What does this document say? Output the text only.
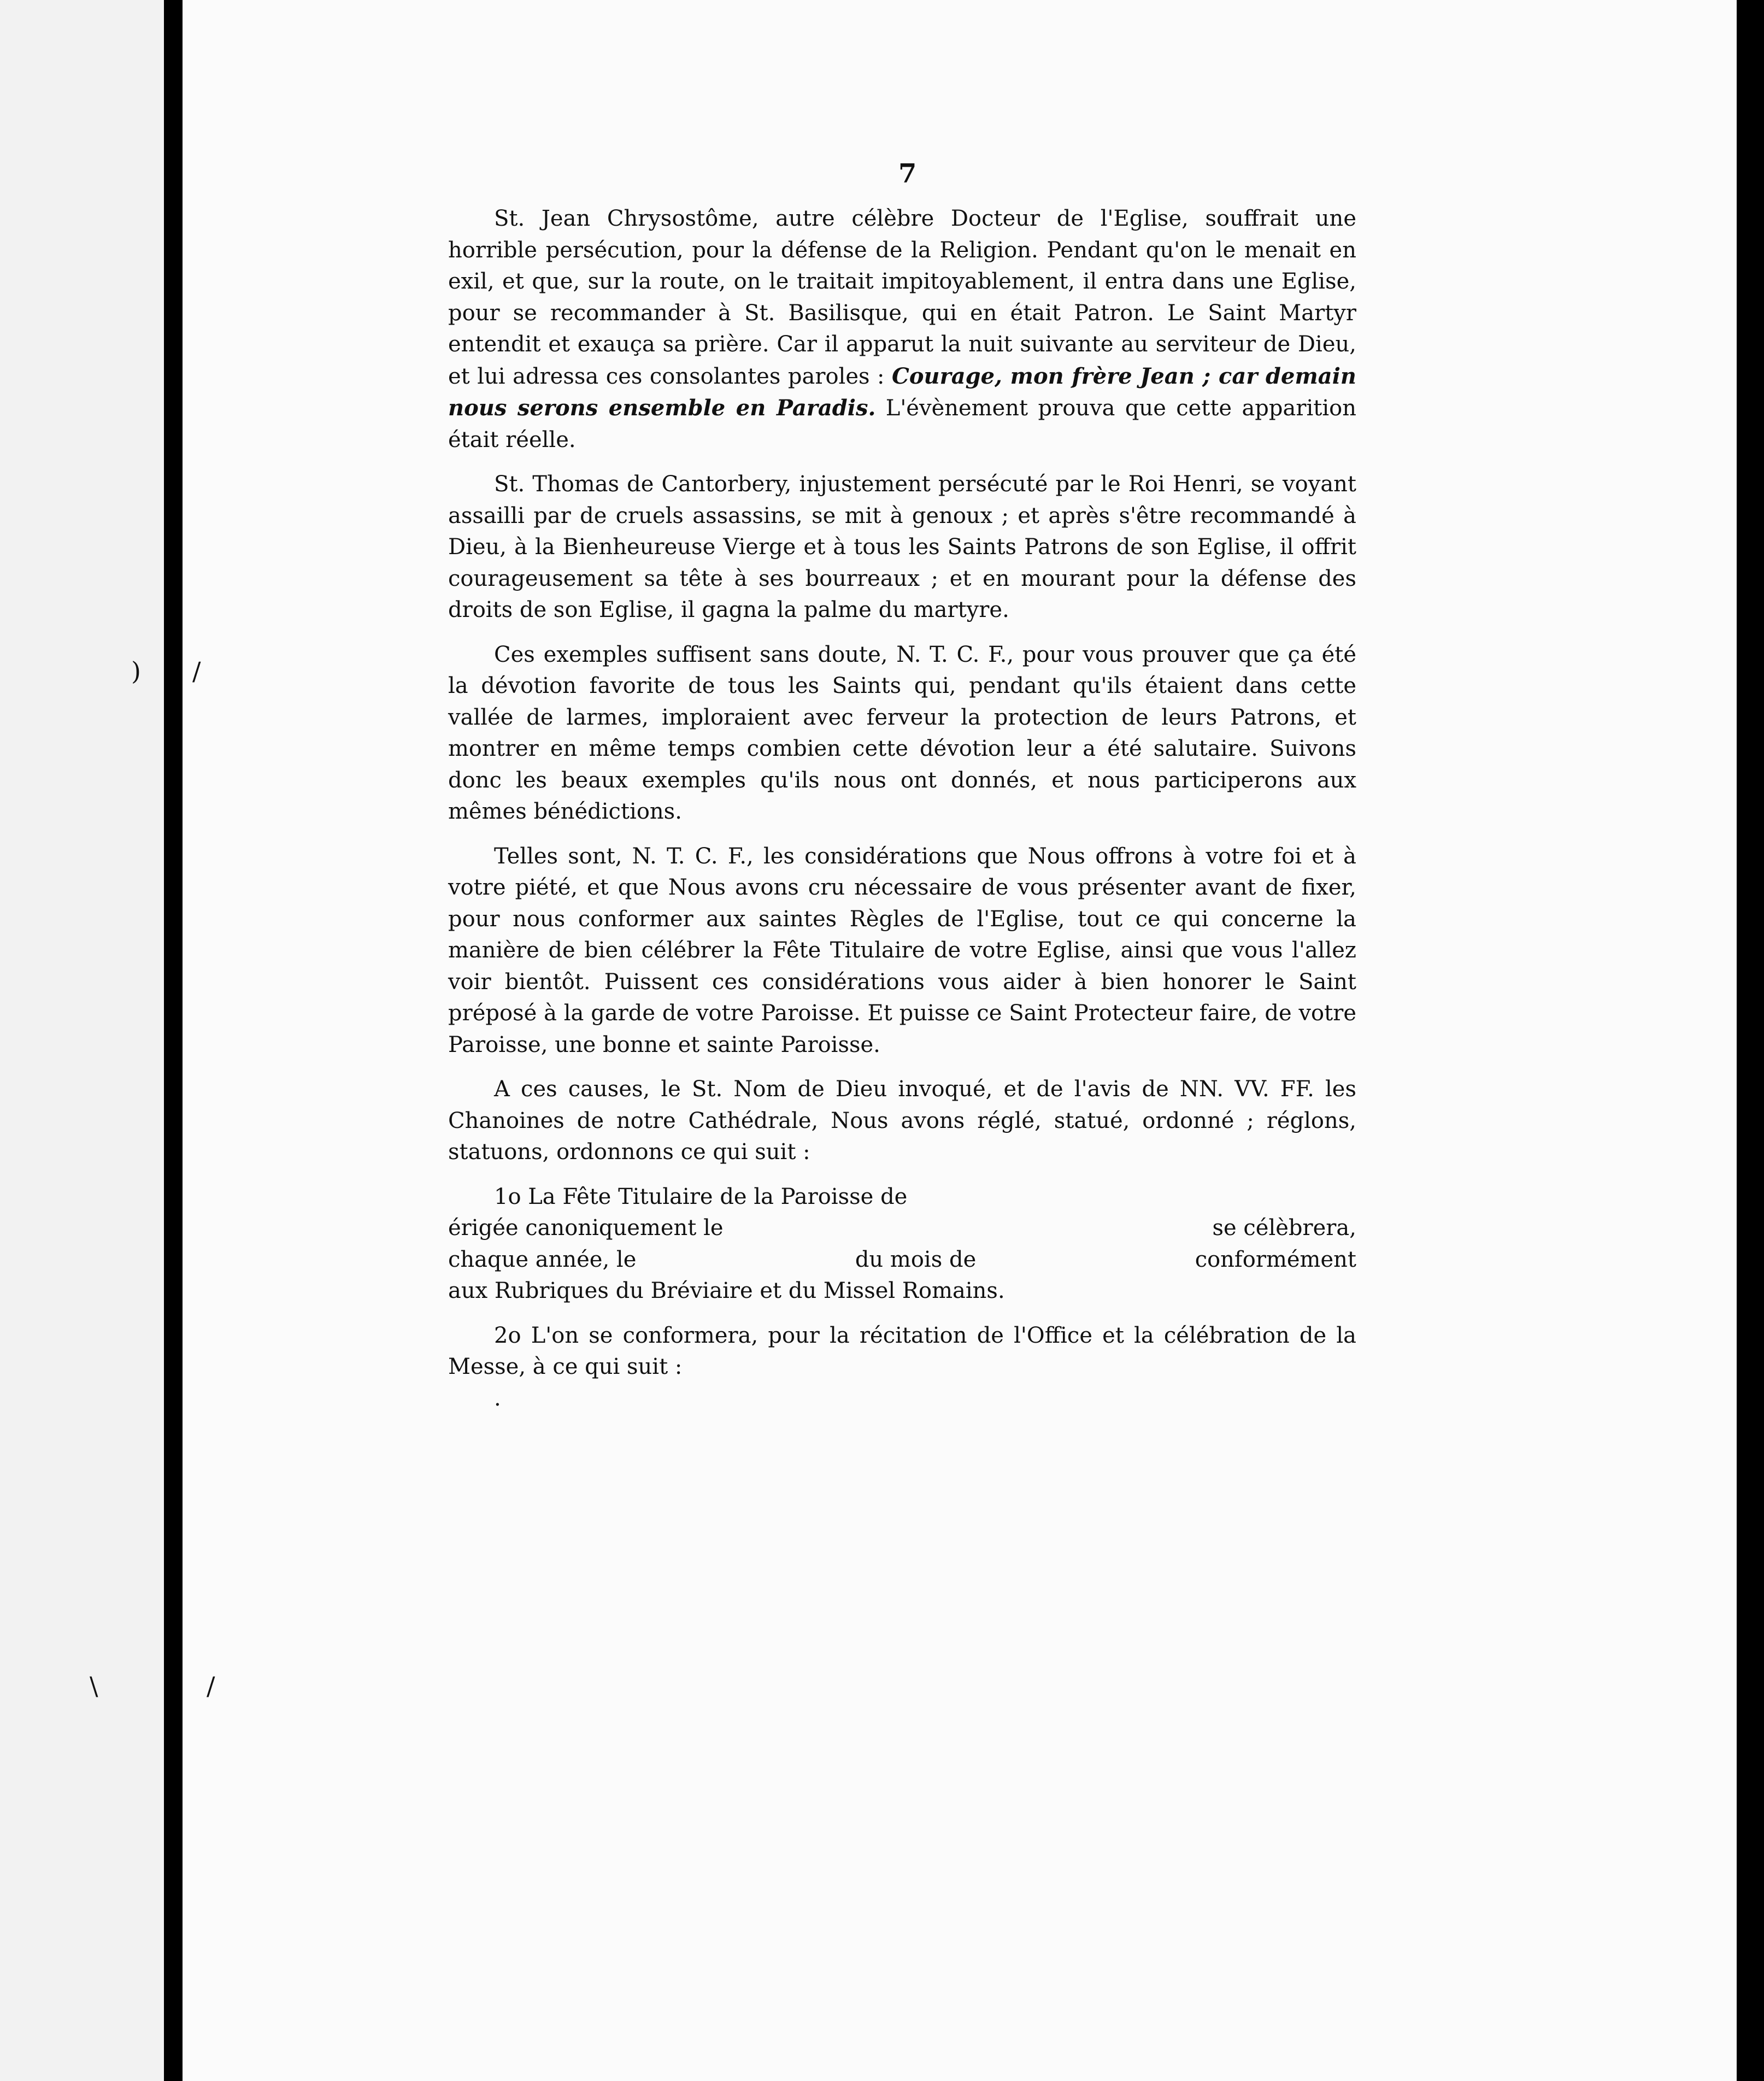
) /
\	/
7

St. Jean Chrysostôme, autre célèbre Docteur de l'Eglise, souffrait une horrible persécution, pour la défense de la Religion. Pendant qu'on le menait en exil, et que, sur la route, on le traitait impitoyablement, il entra dans une Eglise, pour se recommander à St. Basilisque, qui en était Patron. Le Saint Martyr entendit et exauça sa prière. Car il apparut la nuit suivante au serviteur de Dieu, et lui adressa ces consolantes paroles : Courage, mon frère Jean ; car demain nous serons ensemble en Paradis. L'évènement prouva que cette apparition était réelle.

St. Thomas de Cantorbery, injustement persécuté par le Roi Henri, se voyant assailli par de cruels assassins, se mit à genoux ; et après s'être recommandé à Dieu, à la Bienheureuse Vierge et à tous les Saints Patrons de son Eglise, il offrit courageusement sa tête à ses bourreaux ; et en mourant pour la défense des droits de son Eglise, il gagna la palme du martyre.

Ces exemples suffisent sans doute, N. T. C. F., pour vous prouver que ça été la dévotion favorite de tous les Saints qui, pendant qu'ils étaient dans cette vallée de larmes, imploraient avec ferveur la protection de leurs Patrons, et montrer en même temps combien cette dévotion leur a été salutaire. Suivons donc les beaux exemples qu'ils nous ont donnés, et nous participerons aux mêmes bénédictions.

Telles sont, N. T. C. F., les considérations que Nous offrons à votre foi et à votre piété, et que Nous avons cru nécessaire de vous présenter avant de fixer, pour nous conformer aux saintes Règles de l'Eglise, tout ce qui concerne la manière de bien célébrer la Fête Titulaire de votre Eglise, ainsi que vous l'allez voir bientôt. Puissent ces considérations vous aider à bien honorer le Saint préposé à la garde de votre Paroisse. Et puisse ce Saint Protecteur faire, de votre Paroisse, une bonne et sainte Paroisse.

A ces causes, le St. Nom de Dieu invoqué, et de l'avis de NN. VV. FF. les Chanoines de notre Cathédrale, Nous avons réglé, statué, ordonné ; réglons, statuons, ordonnons ce qui suit :

1o La Fête Titulaire de la Paroisse de
érigée canoniquement le	se célèbrera,
chaque année, le	du mois de	conformément
aux Rubriques du Bréviaire et du Missel Romains.

2o L'on se conformera, pour la récitation de l'Office et la célébration de la Messe, à ce qui suit :

.
